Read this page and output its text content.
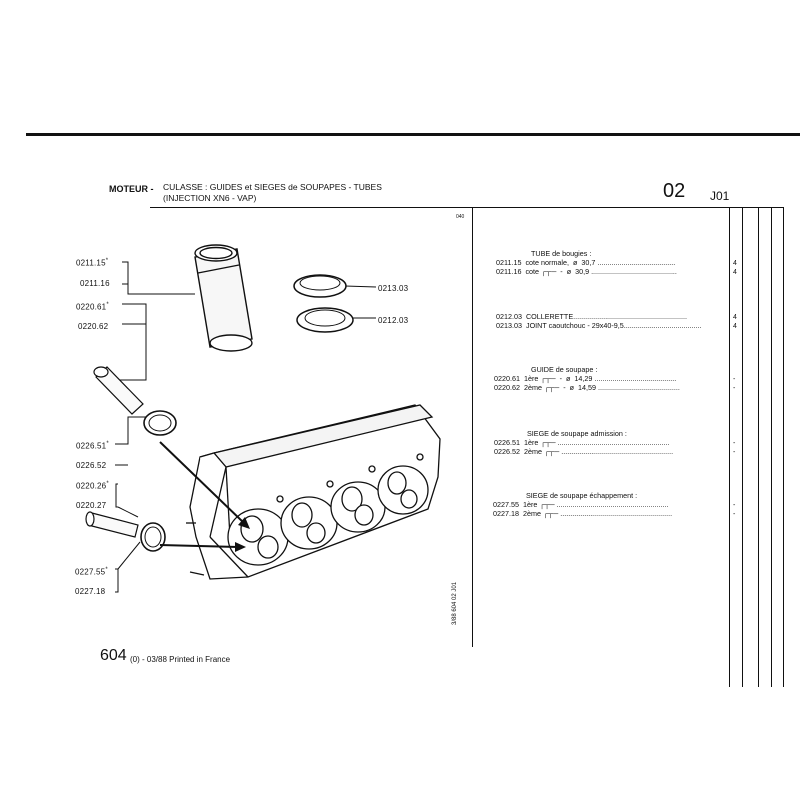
MOTEUR - CULASSE : GUIDES et SIEGES de SOUPAPES - TUBES
(INJECTION XN6 - VAP)	02 J01
040
3/88 604 02 J01
0211.15*
0211.16
0220.61*
0220.62
0226.51*
0226.52
0220.26*
0220.27
0227.55*
0227.18
0213.03
0212.03
TUBE de bougies :
0211.15 cote normale,  ø  30,7 .......................................	4
0211.16 cote ┌┬─  -  ø  30,9 ...........................................	4
0212.03 COLLERETTE.........................................................	4
0213.03 JOINT caoutchouc - 29x40-9,5.......................................	4
GUIDE de soupape :
0220.61 1ère ┌┬─  -  ø  14,29 .........................................	-
0220.62 2ème ┌┬─  -  ø  14,59 .........................................	-
SIEGE de soupape admission :
0226.51 1ère ┌┬─ ........................................................	-
0226.52 2ème ┌┬─ ........................................................	-
SIEGE de soupape échappement :
0227.55 1ère ┌┬─ ........................................................	-
0227.18 2ème ┌┬─ ........................................................	-
604 (0) - 03/88 Printed in France
